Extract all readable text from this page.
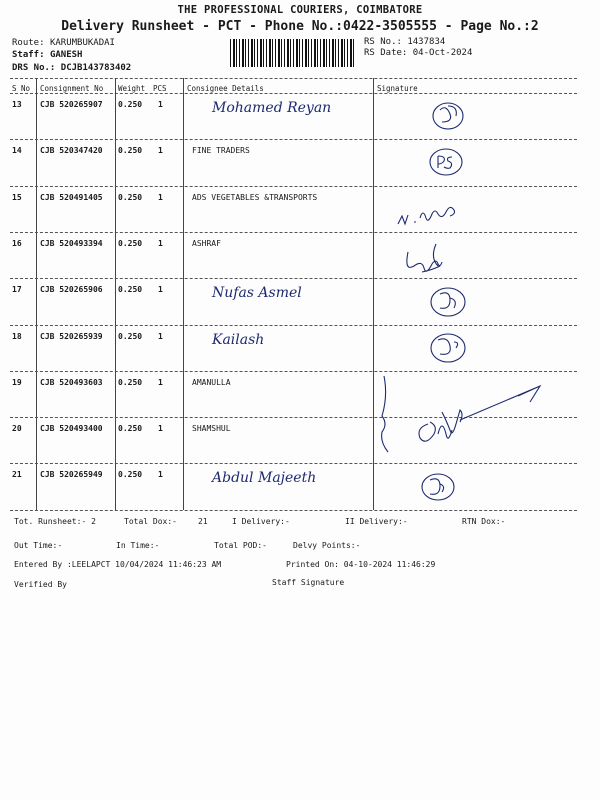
THE PROFESSIONAL COURIERS, COIMBATORE
Delivery Runsheet - PCT - Phone No.:0422-3505555 - Page No.:2
Route: KARUMBUKADAI
Staff: GANESH
DRS No.: DCJB143783402
RS No.: 1437834
RS Date: 04-Oct-2024
S No Consignment No Weight PCS	Consignee Details	Signature
13 CJB 520265907 0.250 1	Mohamed Reyan
14 CJB 520347420 0.250 1	FINE TRADERS
15 CJB 520491405 0.250 1	ADS VEGETABLES &TRANSPORTS
16 CJB 520493394 0.250 1	ASHRAF
17 CJB 520265906 0.250 1	Nufas Asmel
18 CJB 520265939 0.250 1	Kailash
19 CJB 520493603 0.250 1	AMANULLA
20 CJB 520493400 0.250 1	SHAMSHUL
21 CJB 520265949 0.250 1	Abdul Majeeth
Tot. Runsheet:- 2	Total Dox:-	21	I Delivery:-	II Delivery:-	RTN Dox:-
Out Time:-	In Time:-	Total POD:-	Delvy Points:-
Entered By :LEELAPCT 10/04/2024 11:46:23 AM	Printed On: 04-10-2024 11:46:29
Verified By	Staff Signature
